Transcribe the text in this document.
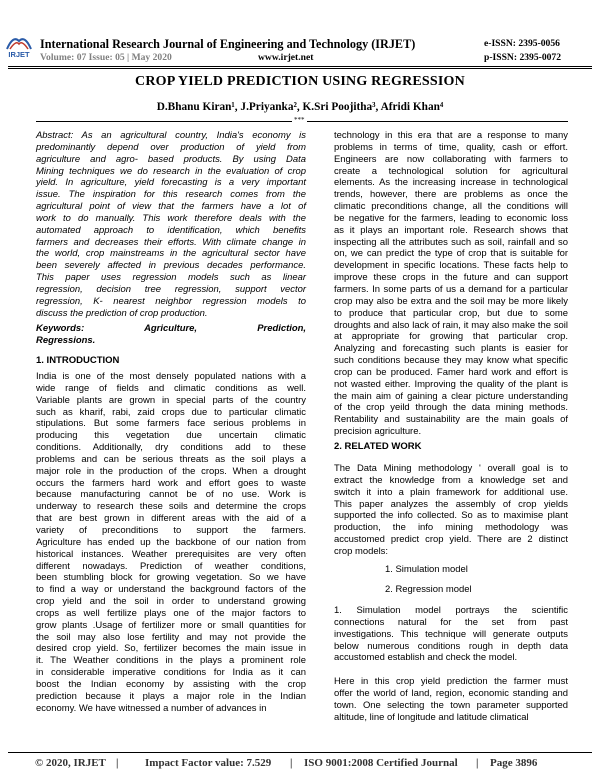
IRJET
International Research Journal of Engineering and Technology (IRJET)
Volume: 07 Issue: 05 | May 2020	www.irjet.net
e-ISSN: 2395-0056
p-ISSN: 2395-0072
CROP YIELD PREDICTION USING REGRESSION
D.Bhanu Kiran¹, J.Priyanka², K.Sri Poojitha³, Afridi Khan⁴
***
Abstract: As an agricultural country, India's economy is
predominantly depend over production of yield from
agriculture and agro- based products. By using Data
Mining techniques we do research in the evaluation of crop
yield. In agriculture, yield forecasting is a very important
issue. The inspiration for this research comes from the
agricultural point of view that the farmers have a lot of
work to do manually. This work therefore deals with the
automated approach to identification, which benefits
farmers and decreases their efforts. With climate change in
the world, crop mainstreams in the agricultural sector have
been severely affected in previous decades performance.
This paper uses regression models such as linear
regression, decision tree regression, support vector
regression, K- nearest neighbor regression models to
discuss the prediction of crop production.
Keywords: Agriculture, Prediction,
Regressions.
1. INTRODUCTION
India is one of the most densely populated nations with a
wide range of fields and climatic conditions as well.
Variable plants are grown in special parts of the country
such as kharif, rabi, zaid crops due to particular climatic
stipulations. But some farmers face serious problems in
producing this vegetation due uncertain climatic
conditions. Additionally, dry conditions add to these
problems and can be serious threats as the soil plays a
major role in the production of the crops. When a drought
occurs the farmers hard work and effort goes to waste
because manufacturing cannot be of no use. Work is
underway to research these soils and determine the crops
that are best grown in different areas with the aid of a
variety of preconditions to support the farmers.
Agriculture has ended up the backbone of our nation from
historical instances. Weather prerequisites are very often
different nowadays. Prediction of weather conditions,
been stumbling block for growing vegetation. So we have
to find a way or understand the background factors of the
crop yield and the soil in order to understand growing
crops as well fertilize plays one of the major factors to
grow plants .Usage of fertilizer more or small quantities for
the soil may also lose fertility and may not provide the
desired crop yield. So, fertilizer becomes the main issue in
it. The Weather conditions in the plays a prominent role
in considerable imperative conditions for India as it can
boost the Indian economy by assisting with the crop
prediction because it plays a major role in the Indian
economy. We have witnessed a number of advances in
technology in this era that are a response to many
problems in terms of time, quality, cash or effort.
Engineers are now collaborating with farmers to
create a technological solution for agricultural
elements. As the increasing increase in technological
trends, however, there are problems as once the
climatic preconditions change, all the conditions will
be negative for the farmers, leading to economic loss
as it plays an important role. Research shows that
inspecting all the attributes such as soil, rainfall and so
on, we can predict the type of crop that is suitable for
development in specific locations. These facts help to
improve these crops in the future and can support
farmers. In some parts of us a demand for a particular
crop may also be extra and the soil may be more likely
to produce that particular crop, but due to some
droughts and also lack of rain, it may also make the soil
at appropriate for growing that particular crop.
Analyzing and forecasting such plants is easier for
such conditions because they may know what specific
crop can be produced. Famer hard work and effort is
not wasted either. Improving the quality of the plant is
the main aim of gaining a clear picture understanding
of the crop yeild through the data mining methods.
Rentability and sustainability are the main goals of
precision agriculture.
2. RELATED WORK
The Data Mining methodology ' overall goal is to
extract the knowledge from a knowledge set and
switch it into a plain framework for additional use.
This paper analyzes the assembly of crop yields
supported the info collected. So as to maximise plant
production, the info mining methodology was
accustomed predict crop yield. There are 2 distinct
crop models:
1. Simulation model
2. Regression model
1. Simulation model portrays the scientific
connections natural for the set from past
investigations. This technique will generate outputs
below numerous conditions rough in depth data
accustomed establish and check the model.
Here in this crop yield prediction the farmer must
offer the world of land, region, economic standing and
town. One selecting the town parameter supported
altitude, line of longitude and latitude climatical
© 2020, IRJET | Impact Factor value: 7.529 | ISO 9001:2008 Certified Journal | Page 3896
